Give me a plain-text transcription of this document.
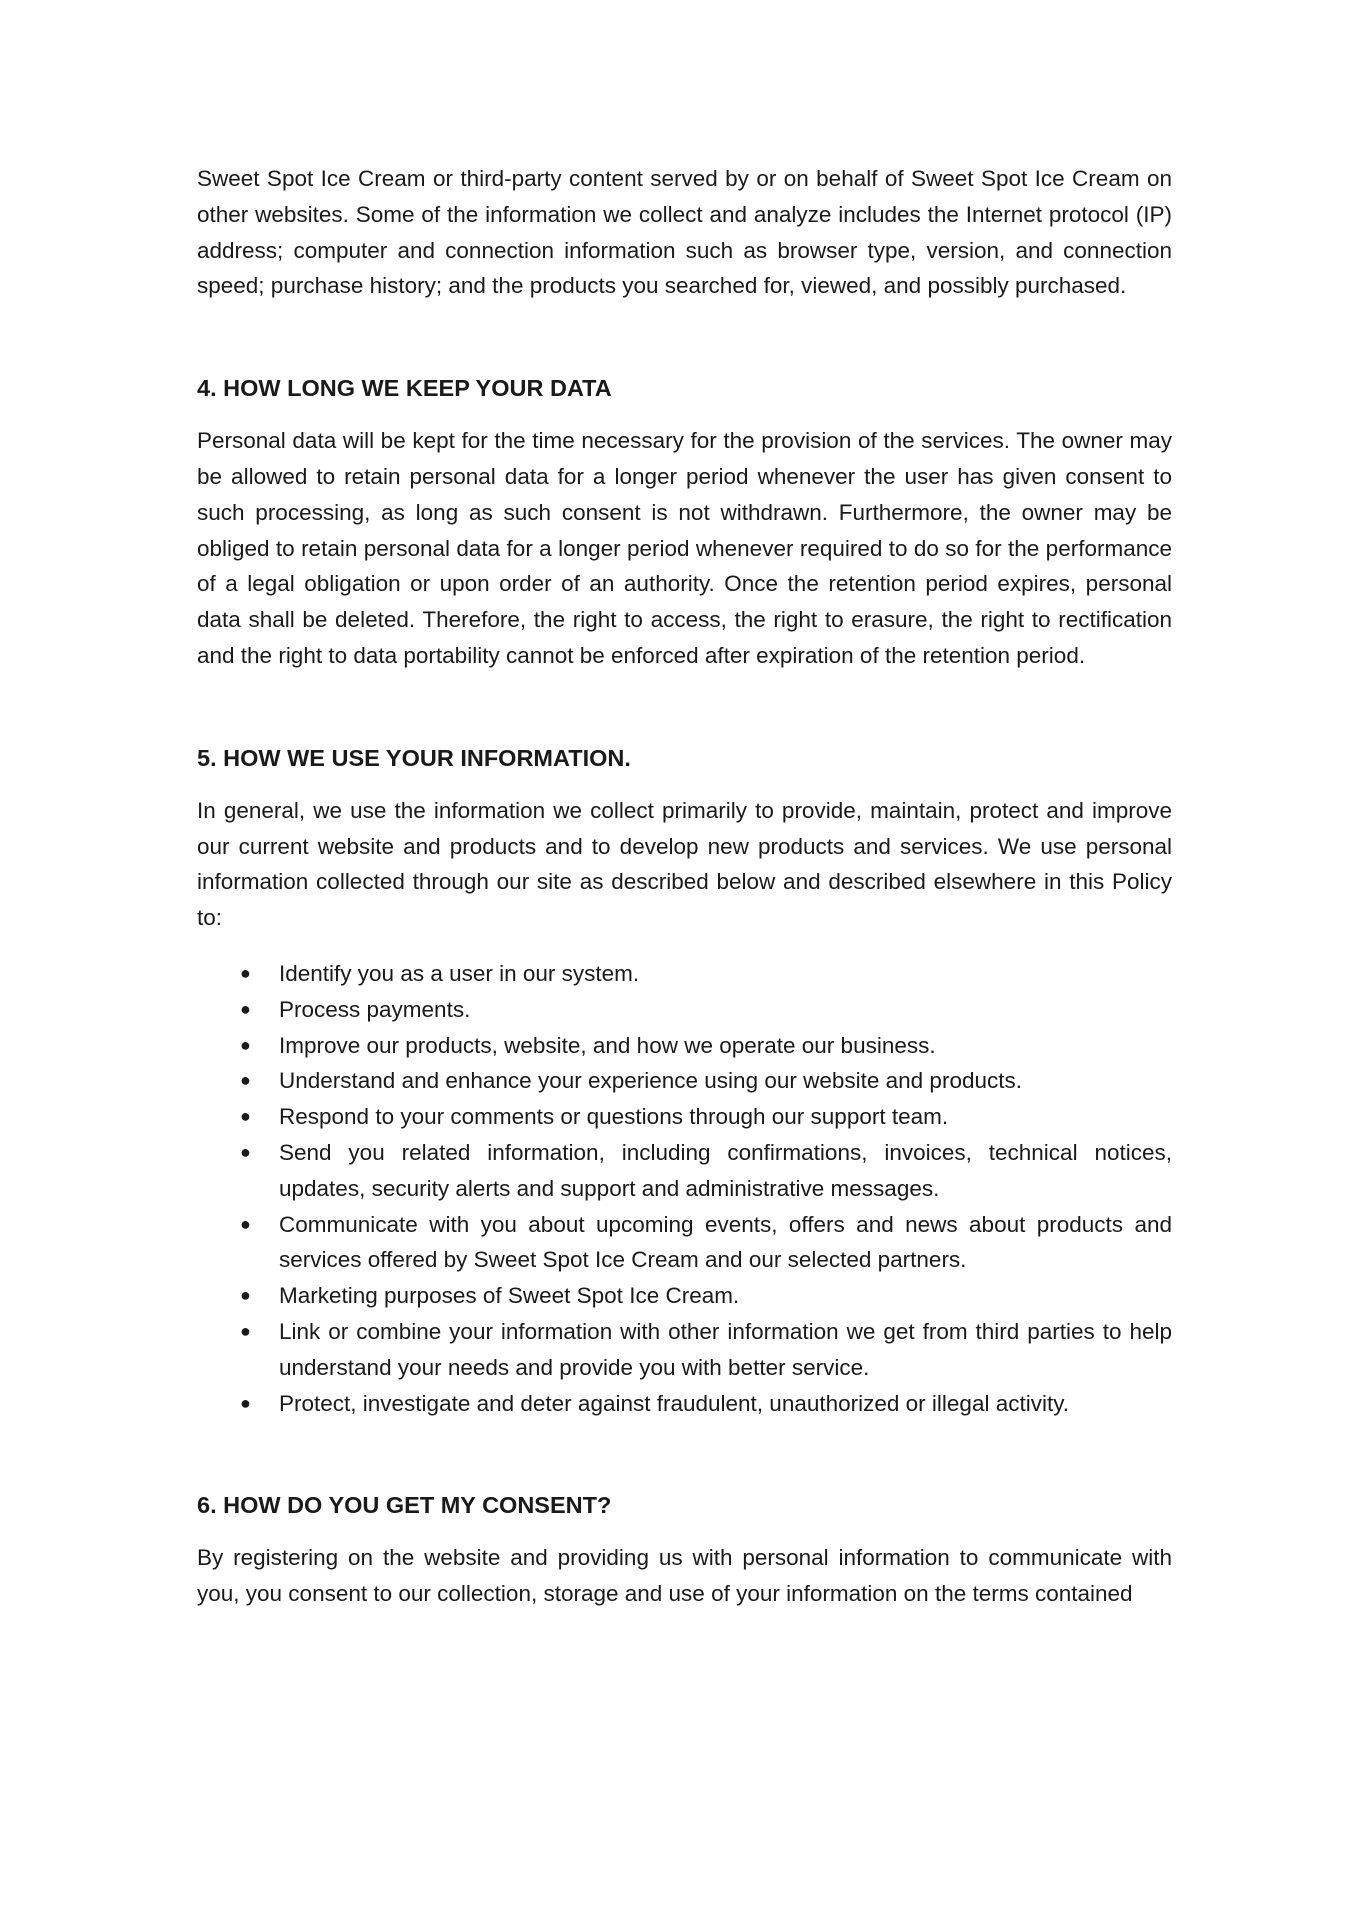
Sweet Spot Ice Cream or third-party content served by or on behalf of Sweet Spot Ice Cream on other websites. Some of the information we collect and analyze includes the Internet protocol (IP) address; computer and connection information such as browser type, version, and connection speed; purchase history; and the products you searched for, viewed, and possibly purchased.

4. HOW LONG WE KEEP YOUR DATA

Personal data will be kept for the time necessary for the provision of the services. The owner may be allowed to retain personal data for a longer period whenever the user has given consent to such processing, as long as such consent is not withdrawn. Furthermore, the owner may be obliged to retain personal data for a longer period whenever required to do so for the performance of a legal obligation or upon order of an authority. Once the retention period expires, personal data shall be deleted. Therefore, the right to access, the right to erasure, the right to rectification and the right to data portability cannot be enforced after expiration of the retention period.

5. HOW WE USE YOUR INFORMATION.

In general, we use the information we collect primarily to provide, maintain, protect and improve our current website and products and to develop new products and services. We use personal information collected through our site as described below and described elsewhere in this Policy to:

● Identify you as a user in our system.
● Process payments.
● Improve our products, website, and how we operate our business.
● Understand and enhance your experience using our website and products.
● Respond to your comments or questions through our support team.
● Send you related information, including confirmations, invoices, technical notices, updates, security alerts and support and administrative messages.
● Communicate with you about upcoming events, offers and news about products and services offered by Sweet Spot Ice Cream and our selected partners.
● Marketing purposes of Sweet Spot Ice Cream.
● Link or combine your information with other information we get from third parties to help understand your needs and provide you with better service.
● Protect, investigate and deter against fraudulent, unauthorized or illegal activity.
6. HOW DO YOU GET MY CONSENT?

By registering on the website and providing us with personal information to communicate with you, you consent to our collection, storage and use of your information on the terms contained
